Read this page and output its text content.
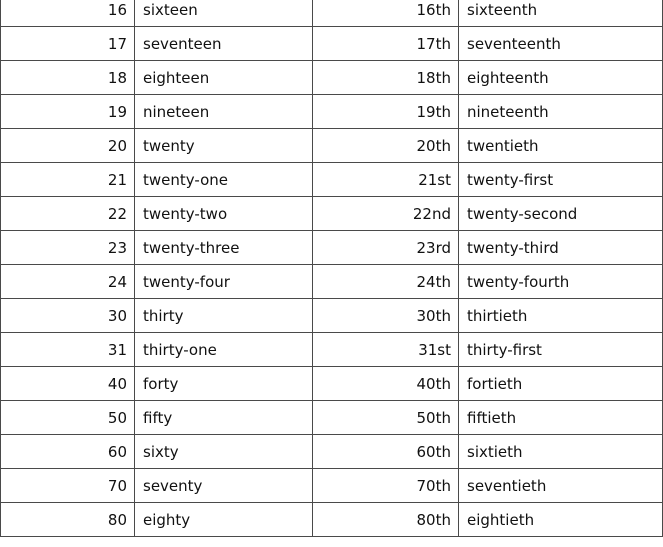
16	sixteen	16th	sixteenth
17	seventeen	17th	seventeenth
18	eighteen	18th	eighteenth
19	nineteen	19th	nineteenth
20	twenty	20th	twentieth
21	twenty-one	21st	twenty-first
22	twenty-two	22nd	twenty-second
23	twenty-three	23rd	twenty-third
24	twenty-four	24th	twenty-fourth
30	thirty	30th	thirtieth
31	thirty-one	31st	thirty-first
40	forty	40th	fortieth
50	fifty	50th	fiftieth
60	sixty	60th	sixtieth
70	seventy	70th	seventieth
80	eighty	80th	eightieth
